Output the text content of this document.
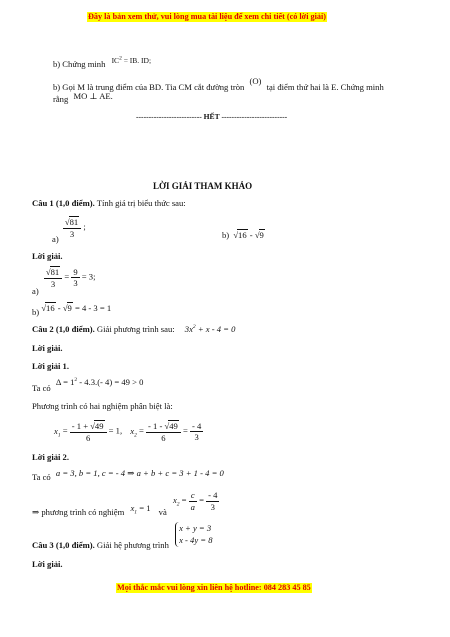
Đây là bản xem thử, vui lòng mua tài liệu để xem chi tiết (có lời giải)
b) Chứng minh $IC^2$ = IB. ID;
b) Gọi M là trung điểm của BD. Tia CM cắt đường tròn (O) tại điểm thứ hai là E. Chứng minh
rằng MO ⊥ AE.
-------------------------- HẾT --------------------------
LỜI GIẢI THAM KHẢO
Câu 1 (1,0 điểm). Tính giá trị biểu thức sau:
$a) \frac{√81}{3}$ ;
b) √16 - √9
Lời giải.
a)
$\frac{√81}{3} = \frac{9}{3} = 3$;
b) √16 - √9 = 4 - 3 = 1
Câu 2 (1,0 điểm). Giải phương trình sau: $3x^2 + x - 4 = 0$
Lời giải.
Lời giải 1.
Ta có $\Delta = 1^2 - 4.3.(-$ 4) = 49 > 0
Phương trình có hai nghiệm phân biệt là:
$x_1 = \frac{- 1 + √49}{6} = 1$, $x_2 = \frac{- 1 - √49}{6} = \frac{- 4}{3}$
Lời giải 2.
Ta có a = 3, b = 1, c = - 4 ⇒ a + b + c = 3 + 1 - 4 = 0
⇒ phương trình có nghiệm $x_1 = 1$ và $x_2 = \frac{c}{a} = \frac{- 4}{3}$
Câu 3 (1,0 điểm). Giải hệ phương trình
x + y = 3
x - 4y = 8
Lời giải.
Mọi thắc mắc vui lòng xin liên hệ hotline: 084 283 45 85
